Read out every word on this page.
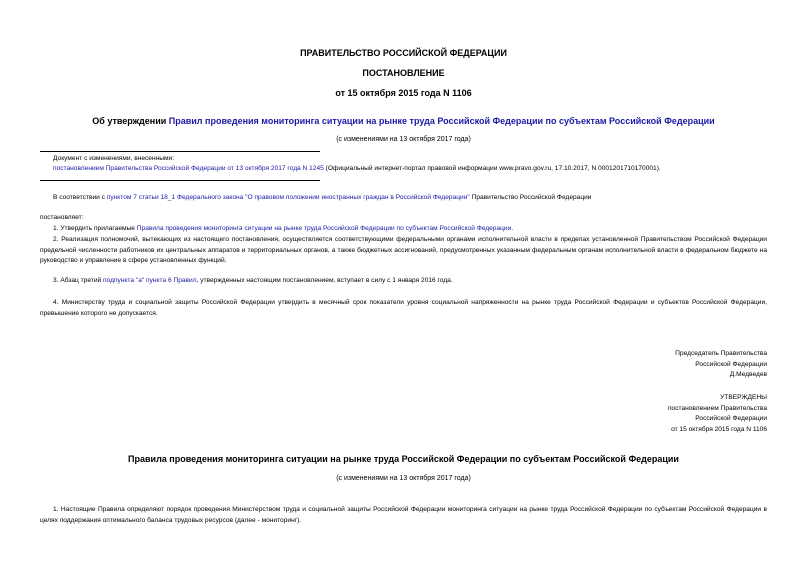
ПРАВИТЕЛЬСТВО РОССИЙСКОЙ ФЕДЕРАЦИИ
ПОСТАНОВЛЕНИЕ
от 15 октября 2015 года N 1106
Об утверждении Правил проведения мониторинга ситуации на рынке труда Российской Федерации по субъектам Российской Федерации
(с изменениями на 13 октября 2017 года)
Документ с изменениями, внесенными:
постановлением Правительства Российской Федерации от 13 октября 2017 года N 1245 (Официальный интернет-портал правовой информации www.pravo.gov.ru, 17.10.2017, N 0001201710170001).
В соответствии с пунктом 7 статьи 18_1 Федерального закона "О правовом положении иностранных граждан в Российской Федерации" Правительство Российской Федерации
постановляет:
1. Утвердить прилагаемые Правила проведения мониторинга ситуации на рынке труда Российской Федерации по субъектам Российской Федерации.
2. Реализация полномочий, вытекающих из настоящего постановления, осуществляется соответствующими федеральными органами исполнительной власти в пределах установленной Правительством Российской Федерации предельной численности работников их центральных аппаратов и территориальных органов, а также бюджетных ассигнований, предусмотренных указанным федеральным органам исполнительной власти в федеральном бюджете на руководство и управление в сфере установленных функций.
3. Абзац третий подпункта "а" пункта 6 Правил, утвержденных настоящим постановлением, вступает в силу с 1 января 2016 года.
4. Министерству труда и социальной защиты Российской Федерации утвердить в месячный срок показатели уровня социальной напряженности на рынке труда Российской Федерации и субъектов Российской Федерации, превышение которого не допускается.
Председатель Правительства
Российской Федерации
Д.Медведев
УТВЕРЖДЕНЫ
постановлением Правительства
Российской Федерации
от 15 октября 2015 года N 1106
Правила проведения мониторинга ситуации на рынке труда Российской Федерации по субъектам Российской Федерации
(с изменениями на 13 октября 2017 года)
1. Настоящие Правила определяют порядок проведения Министерством труда и социальной защиты Российской Федерации мониторинга ситуации на рынке труда Российской Федерации по субъектам Российской Федерации в целях поддержания оптимального баланса трудовых ресурсов (далее - мониторинг).
